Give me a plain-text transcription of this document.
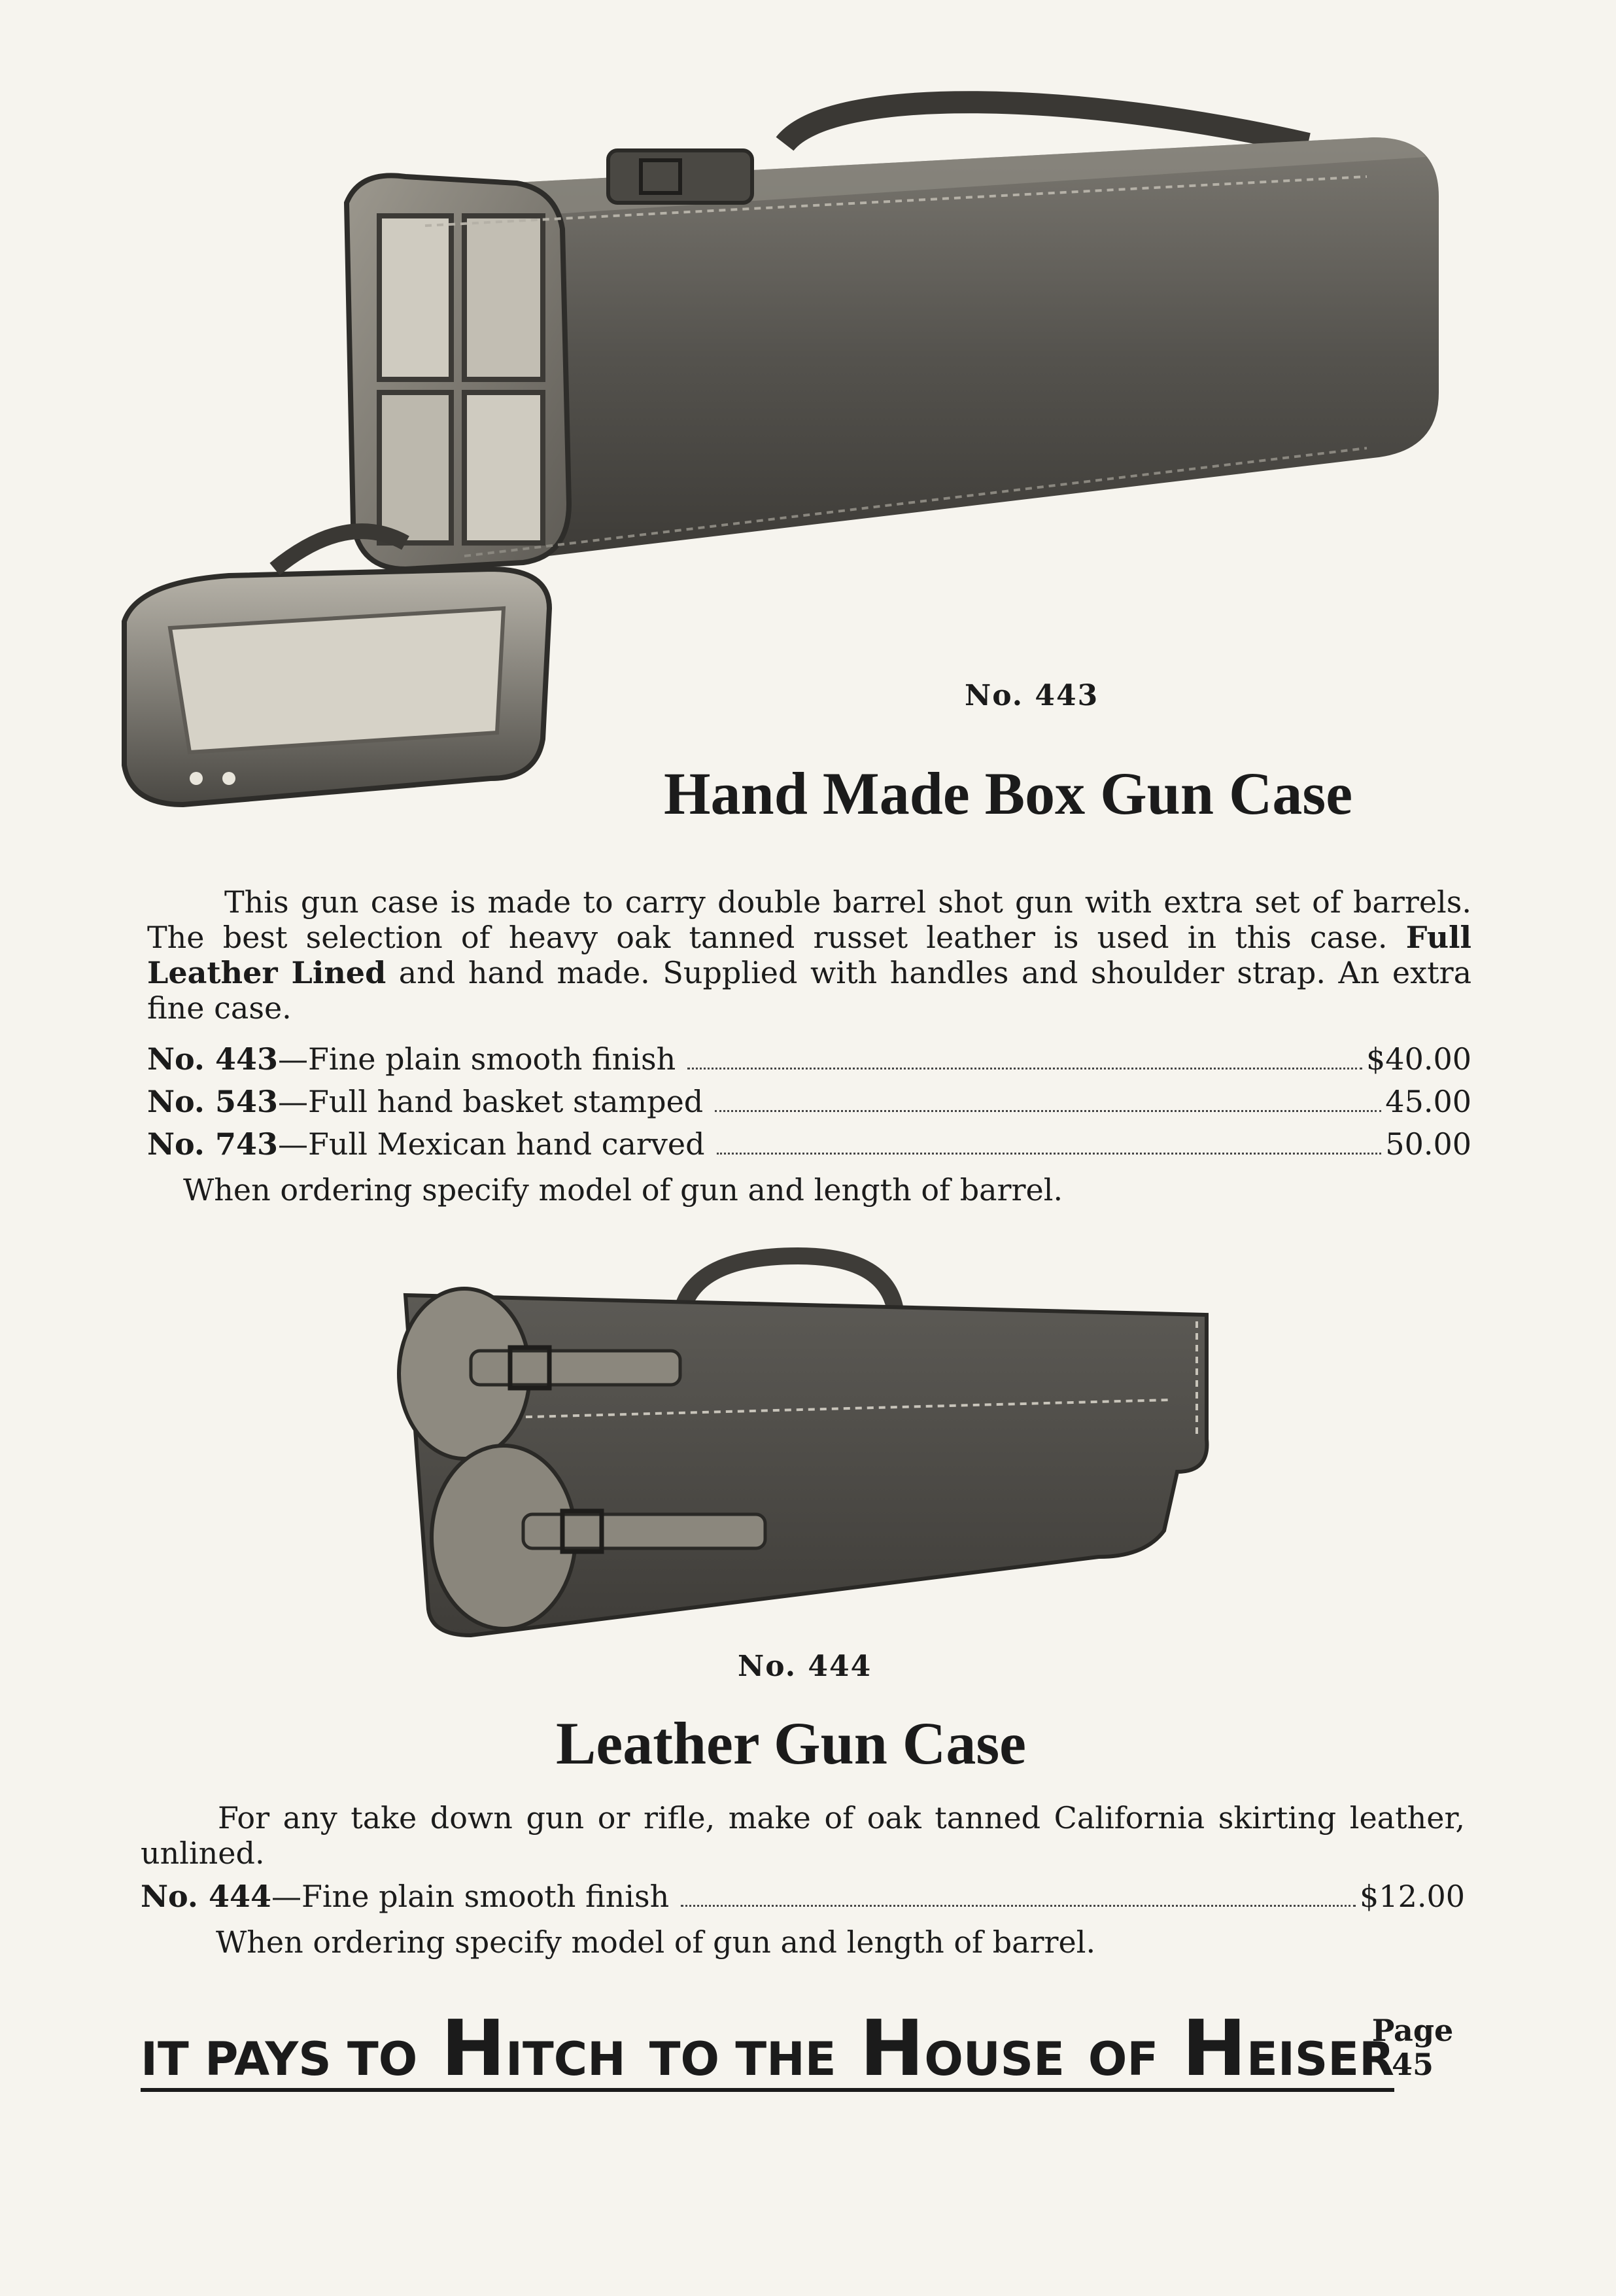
No. 443
Hand Made Box Gun Case

This gun case is made to carry double barrel shot gun with extra set of barrels. The best selection of heavy oak tanned russet leather is used in this case. Full Leather Lined and hand made. Supplied with handles and shoulder strap. An extra fine case.

No. 443 —Fine plain smooth finish	$40.00
No. 543 —Full hand basket stamped	45.00
No. 743 —Full Mexican hand carved	50.00
When ordering specify model of gun and length of barrel.
No. 444
Leather Gun Case

For any take down gun or rifle, make of oak tanned California skirting leather, unlined.

No. 444 —Fine plain smooth finish	$12.00
When ordering specify model of gun and length of barrel.
IT PAYS TO HITCH TO THE HOUSE OF HEISER
Page
45
